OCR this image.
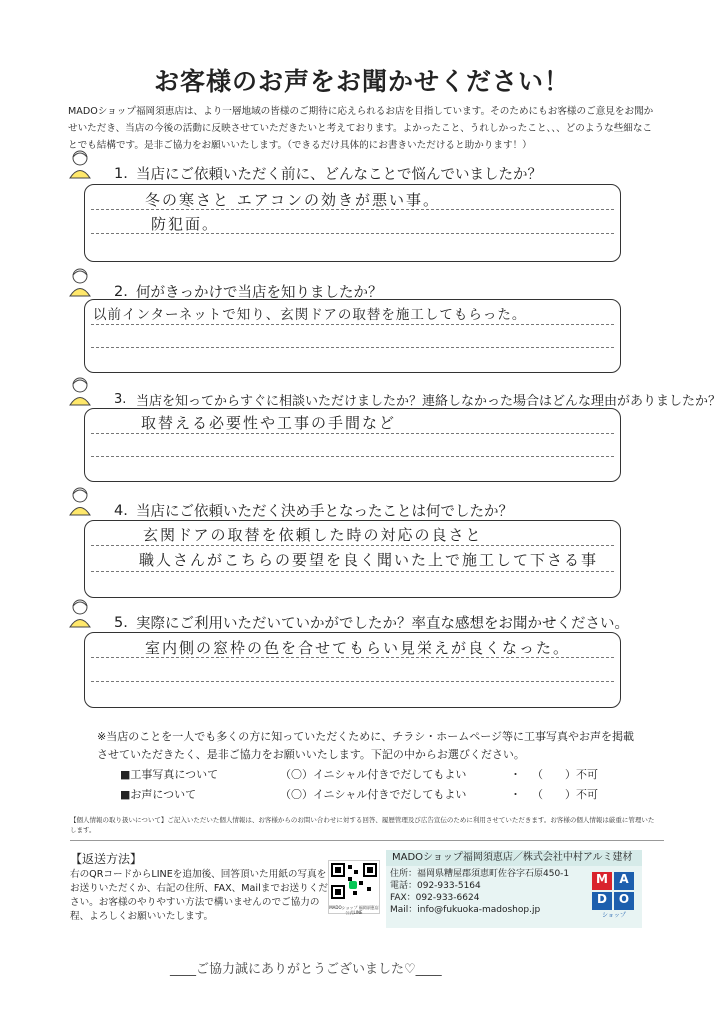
お客様のお声をお聞かせください！
MADOショップ福岡須恵店は、より一層地域の皆様のご期待に応えられるお店を目指しています。そのためにもお客様のご意見をお聞かせいただき、当店の今後の活動に反映させていただきたいと考えております。よかったこと、うれしかったこと、、、どのような些細なことでも結構です。是非ご協力をお願いいたします。（できるだけ具体的にお書きいただけると助かります！）
1. 当店にご依頼いただく前に、どんなことで悩んでいましたか？
冬の寒さと エアコンの効きが悪い事。
防犯面。
2. 何がきっかけで当店を知りましたか？
以前インターネットで知り、玄関ドアの取替を施工してもらった。
3. 当店を知ってからすぐに相談いただけましたか？連絡しなかった場合はどんな理由がありましたか？
取替える必要性や工事の手間など
4. 当店にご依頼いただく決め手となったことは何でしたか？
玄関ドアの取替を依頼した時の対応の良さと
職人さんがこちらの要望を良く聞いた上で施工して下さる事
5. 実際にご利用いただいていかがでしたか？率直な感想をお聞かせください。
室内側の窓枠の色を合せてもらい見栄えが良くなった。
※当店のことを一人でも多くの方に知っていただくために、チラシ・ホームページ等に工事写真やお声を掲載させていただきたく、是非ご協力をお願いいたします。下記の中からお選びください。
■工事写真について	（〇）イニシャル付きでだしてもよい	・	（　　）不可
■お声について	（〇）イニシャル付きでだしてもよい	・	（　　）不可
【個人情報の取り扱いについて】ご記入いただいた個人情報は、お客様からのお問い合わせに対する回答、履歴管理及び広告宣伝のために利用させていただきます。お客様の個人情報は厳重に管理いたします。
【返送方法】
右のQRコードからLINEを追加後、回答頂いた用紙の写真をお送りいただくか、右記の住所、FAX、Mailまでお送りください。お客様のやりやすい方法で構いませんのでご協力の程、よろしくお願いいたします。
MADOショップ 福岡須恵店公式LINE
MADOショップ福岡須恵店／株式会社中村アルミ建材
住所：福岡県糟屋郡須恵町佐谷字石原450-1
電話：092-933-5164
FAX：092-933-6624
Mail：info@fukuoka-madoshop.jp
M A
D O
ショップ
____ご協力誠にありがとうございました♡____
